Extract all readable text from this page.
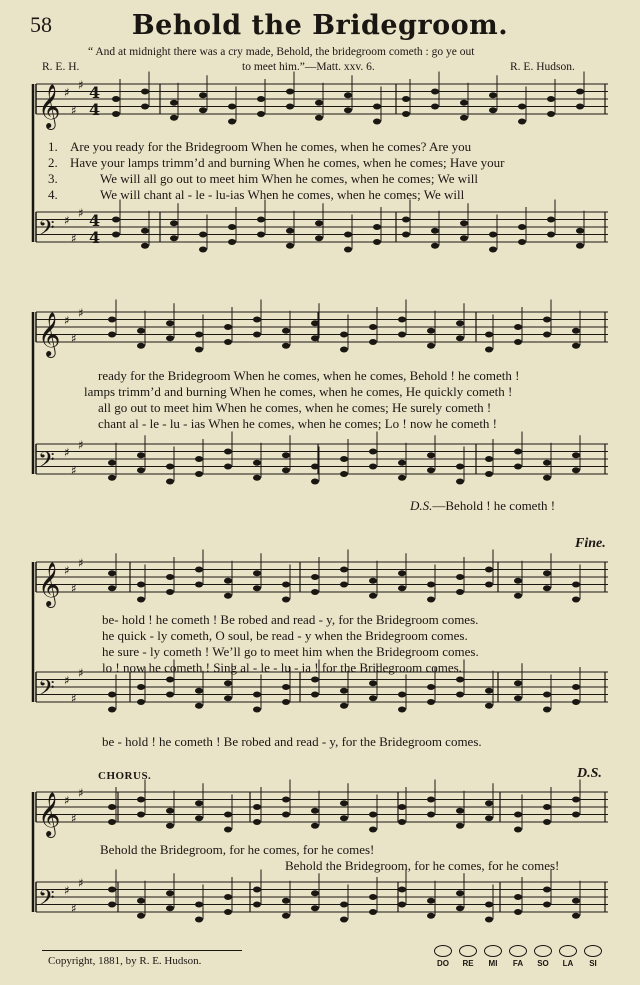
58	Behold the Bridegroom.
“ And at midnight there was a cry made, Behold, the bridegroom cometh : go ye out
to meet him.”—Matt. xxv. 6.
R. E. H.	R. E. Hudson.
𝄞 ♯
♯
♯ 4
4
𝄢 ♯
♯
♯ 4
4
𝄞 ♯
♯
♯
𝄢 ♯
♯
♯
𝄞 ♯
♯
♯
𝄢 ♯
♯
♯
𝄞 ♯
♯
♯
𝄢 ♯
♯
♯
1. Are you ready for the Bridegroom When he comes, when he comes? Are you
2. Have your lamps trimm’d and burning When he comes, when he comes; Have your
3.	We will all go out to meet him When he comes, when he comes; We will
4.	We will chant al - le - lu-ias When he comes, when he comes; We will
ready for the Bridegroom When he comes, when he comes, Behold ! he cometh !
lamps trimm’d and burning When he comes, when he comes, He quickly cometh !
all go out to meet him When he comes, when he comes; He surely cometh !
chant al - le - lu - ias When he comes, when he comes; Lo ! now he cometh !
D.S.—Behold ! he cometh !
Fine.
be- hold ! he cometh ! Be robed and read - y, for the Bridegroom comes.
he quick - ly cometh, O soul, be read - y when the Bridegroom comes.
he sure - ly cometh ! We’ll go to meet him when the Bridegroom comes.
lo ! now he cometh ! Sing al - le - lu - ia ! for the Bridegroom comes.
be - hold ! he cometh ! Be robed and read - y, for the Bridegroom comes.
CHORUS.	D.S.
Behold the Bridegroom, for he comes, for he comes!
Behold the Bridegroom, for he comes, for he comes!
Copyright, 1881, by R. E. Hudson.	DO	RE	MI	FA	SO	LA	SI
